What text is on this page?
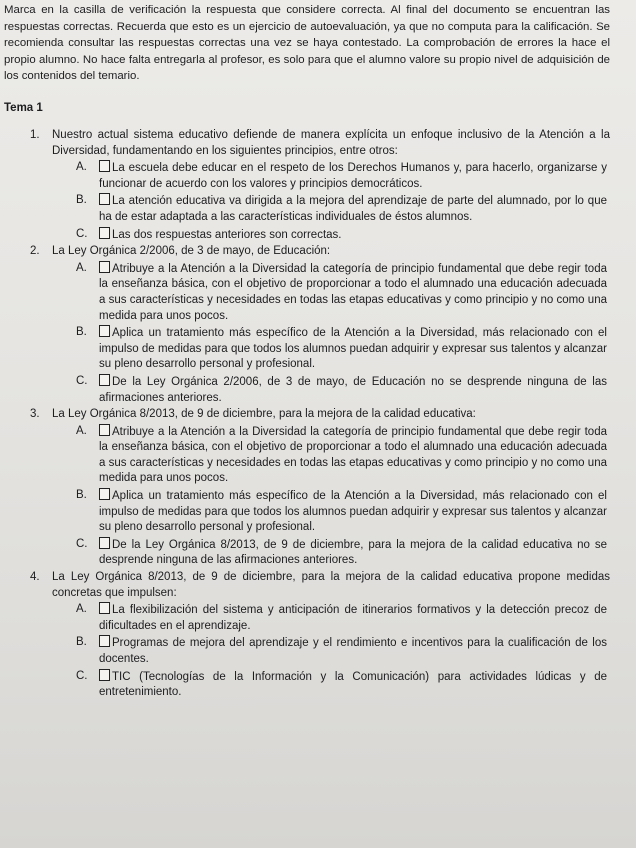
Marca en la casilla de verificación la respuesta que considere correcta. Al final del documento se encuentran las respuestas correctas. Recuerda que esto es un ejercicio de autoevaluación, ya que no computa para la calificación. Se recomienda consultar las respuestas correctas una vez se haya contestado. La comprobación de errores la hace el propio alumno. No hace falta entregarla al profesor, es solo para que el alumno valore su propio nivel de adquisición de los contenidos del temario.
Tema 1
1. Nuestro actual sistema educativo defiende de manera explícita un enfoque inclusivo de la Atención a la Diversidad, fundamentando en los siguientes principios, entre otros:
A.	La escuela debe educar en el respeto de los Derechos Humanos y, para hacerlo, organizarse y funcionar de acuerdo con los valores y principios democráticos.
B.	La atención educativa va dirigida a la mejora del aprendizaje de parte del alumnado, por lo que ha de estar adaptada a las características individuales de éstos alumnos.
C.	Las dos respuestas anteriores son correctas.
2. La Ley Orgánica 2/2006, de 3 de mayo, de Educación:
A.	Atribuye a la Atención a la Diversidad la categoría de principio fundamental que debe regir toda la enseñanza básica, con el objetivo de proporcionar a todo el alumnado una educación adecuada a sus características y necesidades en todas las etapas educativas y como principio y no como una medida para unos pocos.
B.	Aplica un tratamiento más específico de la Atención a la Diversidad, más relacionado con el impulso de medidas para que todos los alumnos puedan adquirir y expresar sus talentos y alcanzar su pleno desarrollo personal y profesional.
C.	De la Ley Orgánica 2/2006, de 3 de mayo, de Educación no se desprende ninguna de las afirmaciones anteriores.
3. La Ley Orgánica 8/2013, de 9 de diciembre, para la mejora de la calidad educativa:
A.	Atribuye a la Atención a la Diversidad la categoría de principio fundamental que debe regir toda la enseñanza básica, con el objetivo de proporcionar a todo el alumnado una educación adecuada a sus características y necesidades en todas las etapas educativas y como principio y no como una medida para unos pocos.
B.	Aplica un tratamiento más específico de la Atención a la Diversidad, más relacionado con el impulso de medidas para que todos los alumnos puedan adquirir y expresar sus talentos y alcanzar su pleno desarrollo personal y profesional.
C.	De la Ley Orgánica 8/2013, de 9 de diciembre, para la mejora de la calidad educativa no se desprende ninguna de las afirmaciones anteriores.
4. La Ley Orgánica 8/2013, de 9 de diciembre, para la mejora de la calidad educativa propone medidas concretas que impulsen:
A.	La flexibilización del sistema y anticipación de itinerarios formativos y la detección precoz de dificultades en el aprendizaje.
B.	Programas de mejora del aprendizaje y el rendimiento e incentivos para la cualificación de los docentes.
C.	TIC (Tecnologías de la Información y la Comunicación) para actividades lúdicas y de entretenimiento.
